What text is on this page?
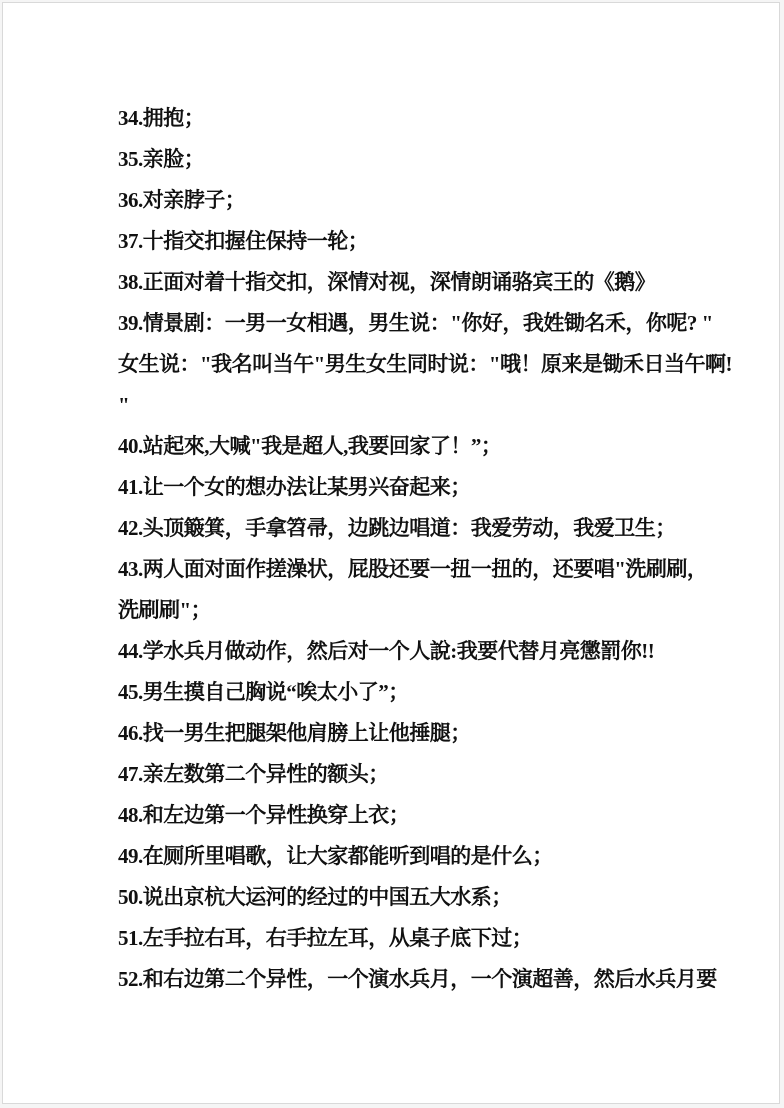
34.拥抱；
35.亲脸；
36.对亲脖子；
37.十指交扣握住保持一轮；
38.正面对着十指交扣，深情对视，深情朗诵骆宾王的《鹅》
39.情景剧：一男一女相遇，男生说："你好，我姓锄名禾，你呢? "
女生说："我名叫当午"男生女生同时说："哦！原来是锄禾日当午啊!
"
40.站起來,大喊"我是超人,我要回家了！”；
41.让一个女的想办法让某男兴奋起来；
42.头顶簸箕，手拿笤帚，边跳边唱道：我爱劳动，我爱卫生；
43.两人面对面作搓澡状，屁股还要一扭一扭的，还要唱"洗刷刷，
洗刷刷"；
44.学水兵月做动作，然后对一个人說:我要代替月亮懲罰你!!
45.男生摸自己胸说“唉太小了”；
46.找一男生把腿架他肩膀上让他捶腿；
47.亲左数第二个异性的额头；
48.和左边第一个异性换穿上衣；
49.在厕所里唱歌，让大家都能听到唱的是什么；
50.说出京杭大运河的经过的中国五大水系；
51.左手拉右耳，右手拉左耳，从桌子底下过；
52.和右边第二个异性，一个演水兵月，一个演超善，然后水兵月要
